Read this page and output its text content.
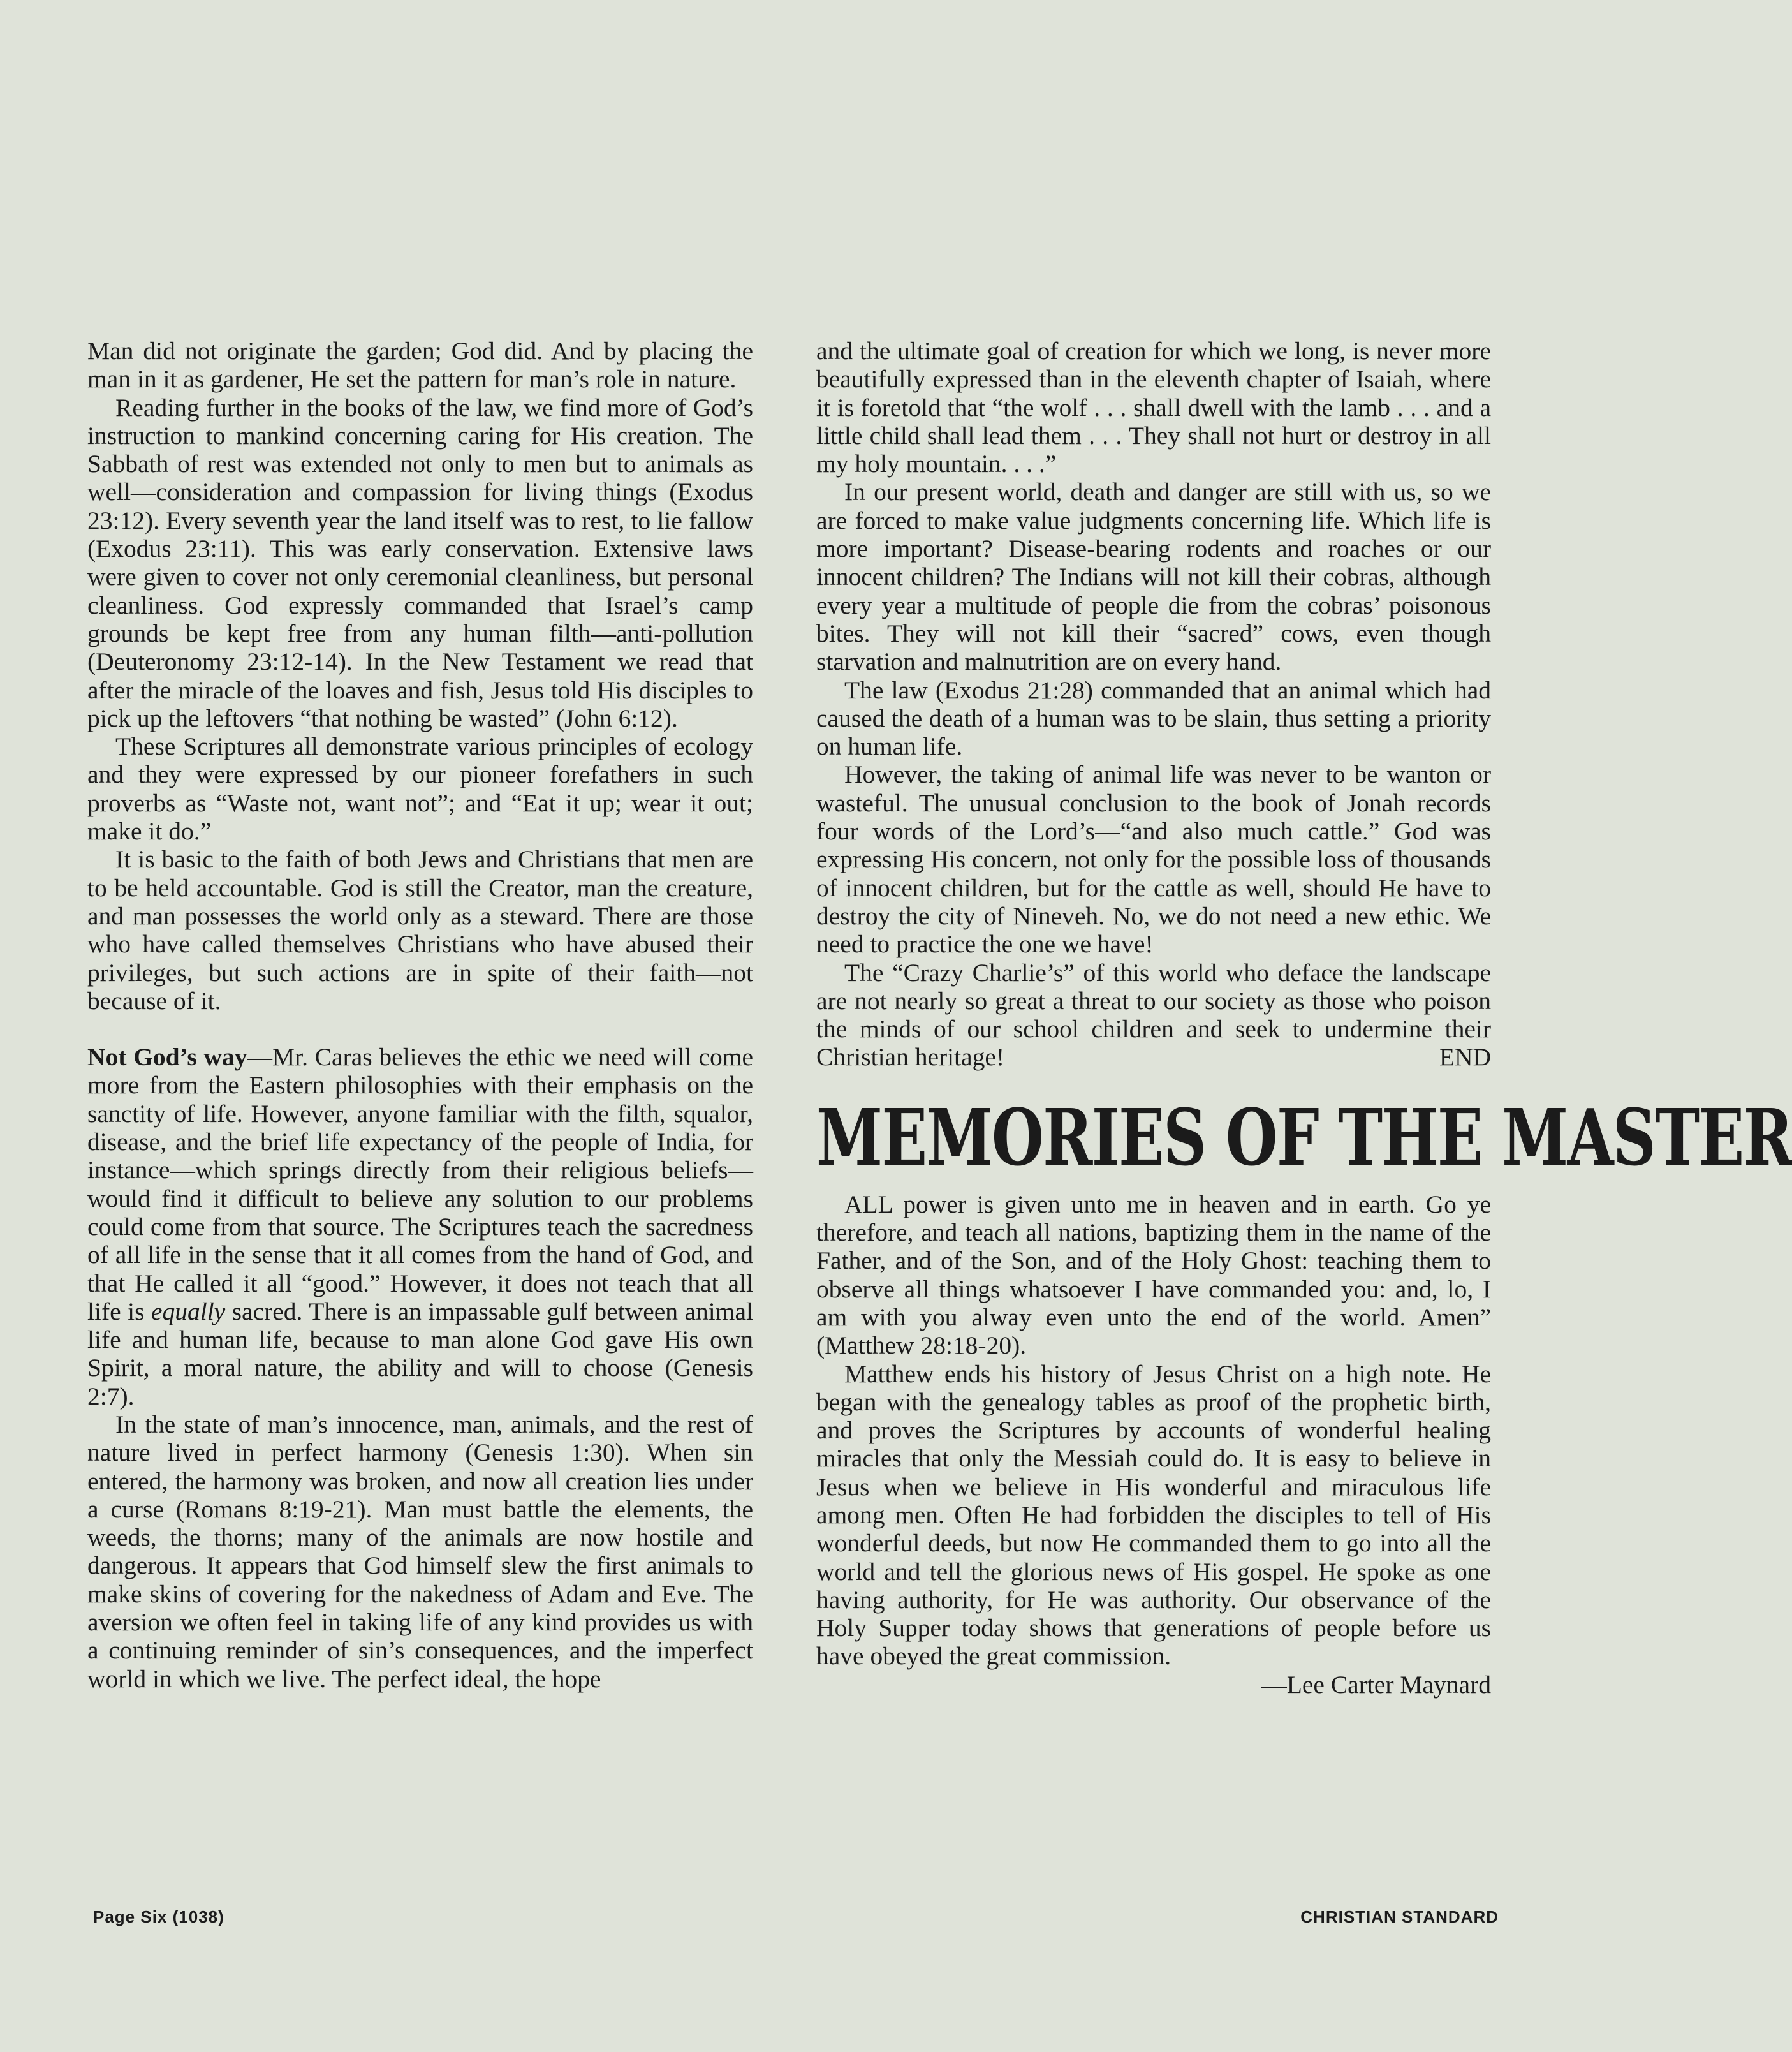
Man did not originate the garden; God did. And by placing the man in it as gardener, He set the pattern for man’s role in nature.

Reading further in the books of the law, we find more of God’s instruction to mankind concerning caring for His creation. The Sabbath of rest was extended not only to men but to animals as well—consideration and compassion for living things (Exodus 23:12). Every seventh year the land itself was to rest, to lie fallow (Exodus 23:11). This was early conservation. Extensive laws were given to cover not only ceremonial cleanliness, but personal cleanliness. God expressly commanded that Israel’s camp grounds be kept free from any human filth—anti-pollution (Deuteronomy 23:12-14). In the New Testament we read that after the miracle of the loaves and fish, Jesus told His disciples to pick up the leftovers “that nothing be wasted” (John 6:12).

These Scriptures all demonstrate various principles of ecology and they were expressed by our pioneer forefathers in such proverbs as “Waste not, want not”; and “Eat it up; wear it out; make it do.”

It is basic to the faith of both Jews and Christians that men are to be held accountable. God is still the Creator, man the creature, and man possesses the world only as a steward. There are those who have called themselves Christians who have abused their privileges, but such actions are in spite of their faith—not because of it.

Not God’s way—Mr. Caras believes the ethic we need will come more from the Eastern philosophies with their emphasis on the sanctity of life. However, anyone familiar with the filth, squalor, disease, and the brief life expectancy of the people of India, for instance—which springs directly from their religious beliefs—would find it difficult to believe any solution to our problems could come from that source. The Scriptures teach the sacredness of all life in the sense that it all comes from the hand of God, and that He called it all “good.” However, it does not teach that all life is equally sacred. There is an impassable gulf between animal life and human life, because to man alone God gave His own Spirit, a moral nature, the ability and will to choose (Genesis 2:7).

In the state of man’s innocence, man, animals, and the rest of nature lived in perfect harmony (Genesis 1:30). When sin entered, the harmony was broken, and now all creation lies under a curse (Romans 8:19-21). Man must battle the elements, the weeds, the thorns; many of the animals are now hostile and dangerous. It appears that God himself slew the first animals to make skins of covering for the nakedness of Adam and Eve. The aversion we often feel in taking life of any kind provides us with a continuing reminder of sin’s consequences, and the imperfect world in which we live. The perfect ideal, the hope

and the ultimate goal of creation for which we long, is never more beautifully expressed than in the eleventh chapter of Isaiah, where it is foretold that “the wolf . . . shall dwell with the lamb . . . and a little child shall lead them . . . They shall not hurt or destroy in all my holy mountain. . . .”

In our present world, death and danger are still with us, so we are forced to make value judgments concerning life. Which life is more important? Disease-bearing rodents and roaches or our innocent children? The Indians will not kill their cobras, although every year a multitude of people die from the cobras’ poisonous bites. They will not kill their “sacred” cows, even though starvation and malnutrition are on every hand.

The law (Exodus 21:28) commanded that an animal which had caused the death of a human was to be slain, thus setting a priority on human life.

However, the taking of animal life was never to be wanton or wasteful. The unusual conclusion to the book of Jonah records four words of the Lord’s—“and also much cattle.” God was expressing His concern, not only for the possible loss of thousands of innocent children, but for the cattle as well, should He have to destroy the city of Nineveh. No, we do not need a new ethic. We need to practice the one we have!

The “Crazy Charlie’s” of this world who deface the landscape are not nearly so great a threat to our society as those who poison the minds of our school children and seek to undermine their Christian heritage!	END

MEMORIES OF THE MASTER

ALL power is given unto me in heaven and in earth. Go ye therefore, and teach all nations, baptizing them in the name of the Father, and of the Son, and of the Holy Ghost: teaching them to observe all things whatsoever I have commanded you: and, lo, I am with you alway even unto the end of the world. Amen” (Matthew 28:18-20).

Matthew ends his history of Jesus Christ on a high note. He began with the genealogy tables as proof of the prophetic birth, and proves the Scriptures by accounts of wonderful healing miracles that only the Messiah could do. It is easy to believe in Jesus when we believe in His wonderful and miraculous life among men. Often He had forbidden the disciples to tell of His wonderful deeds, but now He commanded them to go into all the world and tell the glorious news of His gospel. He spoke as one having authority, for He was authority. Our observance of the Holy Supper today shows that generations of people before us have obeyed the great commission.

—Lee Carter Maynard

Page Six (1038)	CHRISTIAN STANDARD
